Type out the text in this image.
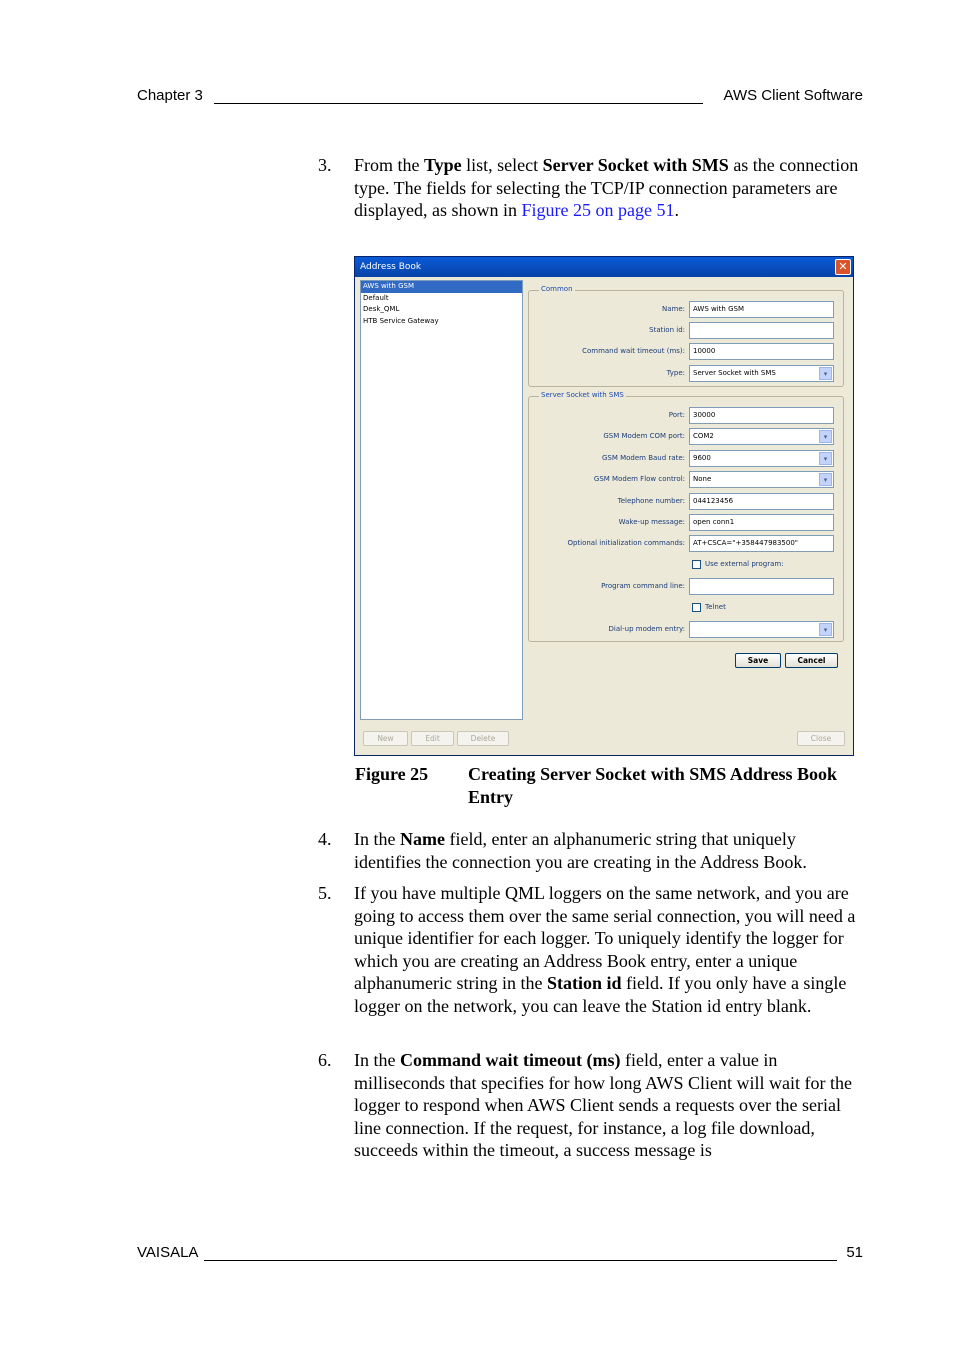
Chapter 3	AWS Client Software
3. From the Type list, select Server Socket with SMS as the connection type. The fields for selecting the TCP/IP connection parameters are displayed, as shown in Figure 25 on page 51.
Address Book	✕
AWS with GSM
Default
Desk_QML
HTB Service Gateway
Common
Name:	AWS with GSM
Station id:
Command wait timeout (ms):	10000
Type:	Server Socket with SMS	▾
Server Socket with SMS
Port:	30000
GSM Modem COM port:	COM2	▾
GSM Modem Baud rate:	9600	▾
GSM Modem Flow control:	None	▾
Telephone number:	044123456
Wake-up message:	open conn1
Optional initialization commands:	AT+CSCA="+358447983500"
Use external program:
Program command line:
Telnet
Dial-up modem entry:	▾
Save	Cancel
New	Edit	Delete	Close
Figure 25 Creating Server Socket with SMS Address Book Entry
4. In the Name field, enter an alphanumeric string that uniquely identifies the connection you are creating in the Address Book.
5. If you have multiple QML loggers on the same network, and you are going to access them over the same serial connection, you will need a unique identifier for each logger. To uniquely identify the logger for which you are creating an Address Book entry, enter a unique alphanumeric string in the Station id field. If you only have a single logger on the network, you can leave the Station id entry blank.
6. In the Command wait timeout (ms) field, enter a value in milliseconds that specifies for how long AWS Client will wait for the logger to respond when AWS Client sends a requests over the serial line connection. If the request, for instance, a log file download, succeeds within the timeout, a success message is
VAISALA	51
